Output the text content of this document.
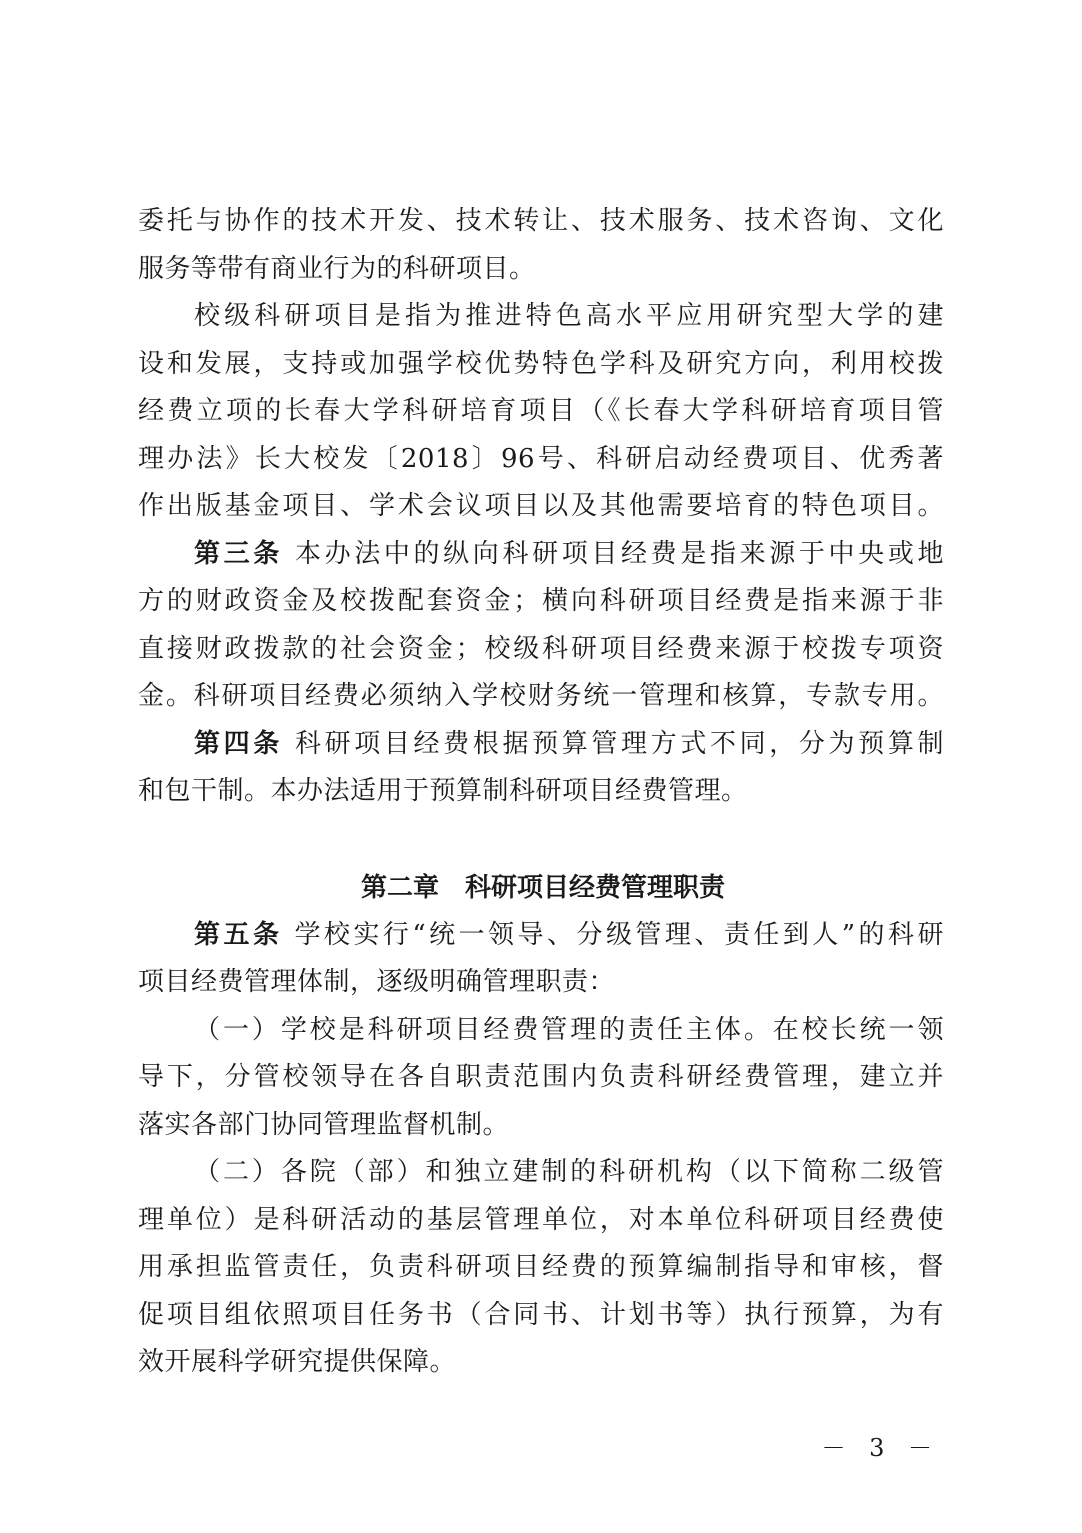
委托与协作的技术开发、技术转让、技术服务、技术咨询、文化
服务等带有商业行为的科研项目。
校级科研项目是指为推进特色高水平应用研究型大学的建
设和发展，支持或加强学校优势特色学科及研究方向，利用校拨
经费立项的长春大学科研培育项目（《长春大学科研培育项目管
理办法》长大校发〔2018〕96号、科研启动经费项目、优秀著
作出版基金项目、学术会议项目以及其他需要培育的特色项目。
第三条 本办法中的纵向科研项目经费是指来源于中央或地
方的财政资金及校拨配套资金；横向科研项目经费是指来源于非
直接财政拨款的社会资金；校级科研项目经费来源于校拨专项资
金。科研项目经费必须纳入学校财务统一管理和核算，专款专用。
第四条 科研项目经费根据预算管理方式不同，分为预算制
和包干制。本办法适用于预算制科研项目经费管理。
第二章　科研项目经费管理职责
第五条 学校实行“统一领导、分级管理、责任到人”的科研
项目经费管理体制，逐级明确管理职责：
（一）学校是科研项目经费管理的责任主体。在校长统一领
导下，分管校领导在各自职责范围内负责科研经费管理，建立并
落实各部门协同管理监督机制。
（二）各院（部）和独立建制的科研机构（以下简称二级管
理单位）是科研活动的基层管理单位，对本单位科研项目经费使
用承担监管责任，负责科研项目经费的预算编制指导和审核，督
促项目组依照项目任务书（合同书、计划书等）执行预算，为有
效开展科学研究提供保障。
－ 3 －
